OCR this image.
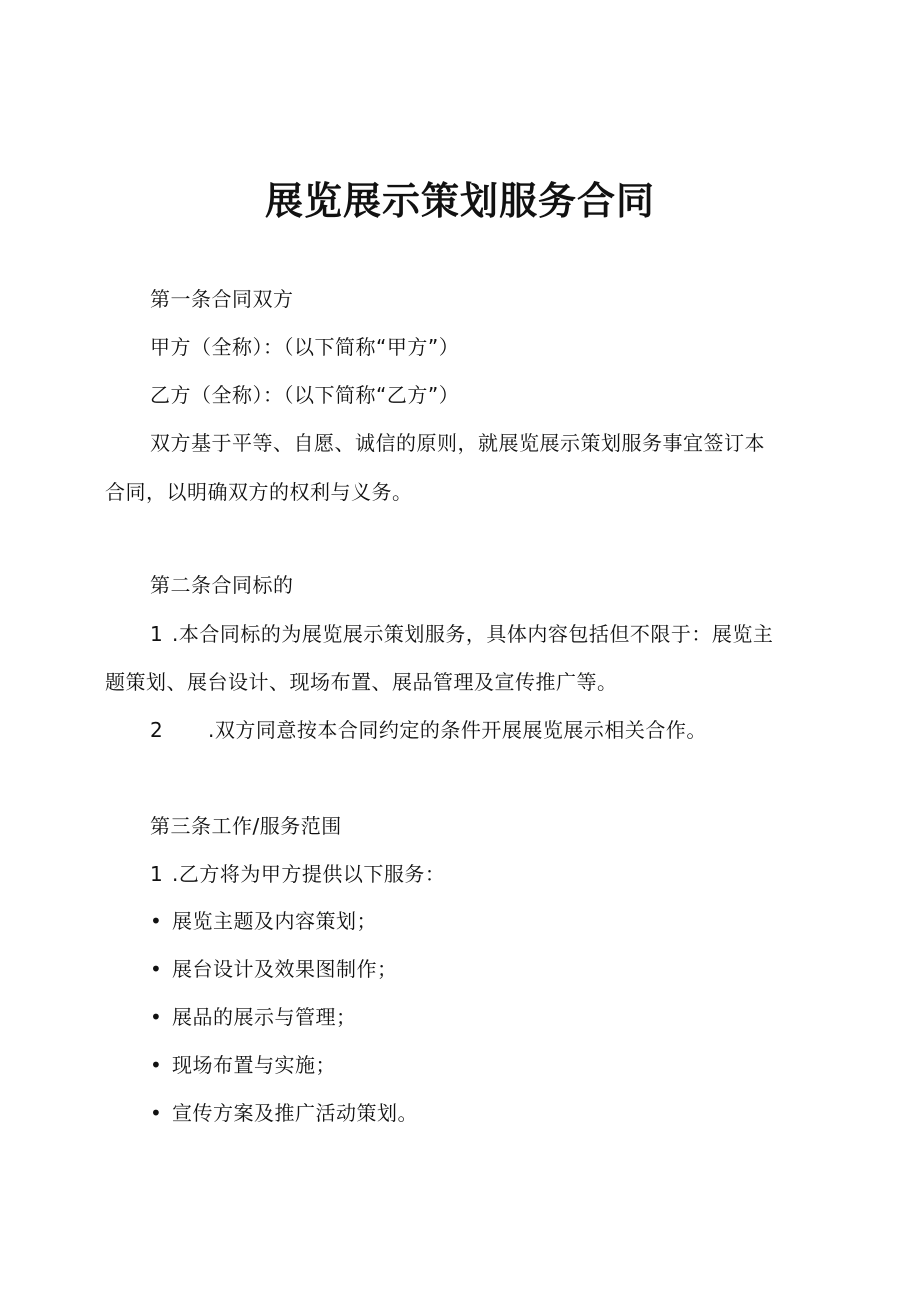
展览展示策划服务合同
第一条合同双方
甲方（全称）：（以下简称“甲方”）
乙方（全称）：（以下简称“乙方”）
双方基于平等、自愿、诚信的原则，就展览展示策划服务事宜签订本
合同，以明确双方的权利与义务。
第二条合同标的
1 .本合同标的为展览展示策划服务，具体内容包括但不限于：展览主
题策划、展台设计、现场布置、展品管理及宣传推广等。
2 .双方同意按本合同约定的条件开展展览展示相关合作。
第三条工作/服务范围
1 .乙方将为甲方提供以下服务：
• 展览主题及内容策划；
• 展台设计及效果图制作；
• 展品的展示与管理；
• 现场布置与实施；
• 宣传方案及推广活动策划。
